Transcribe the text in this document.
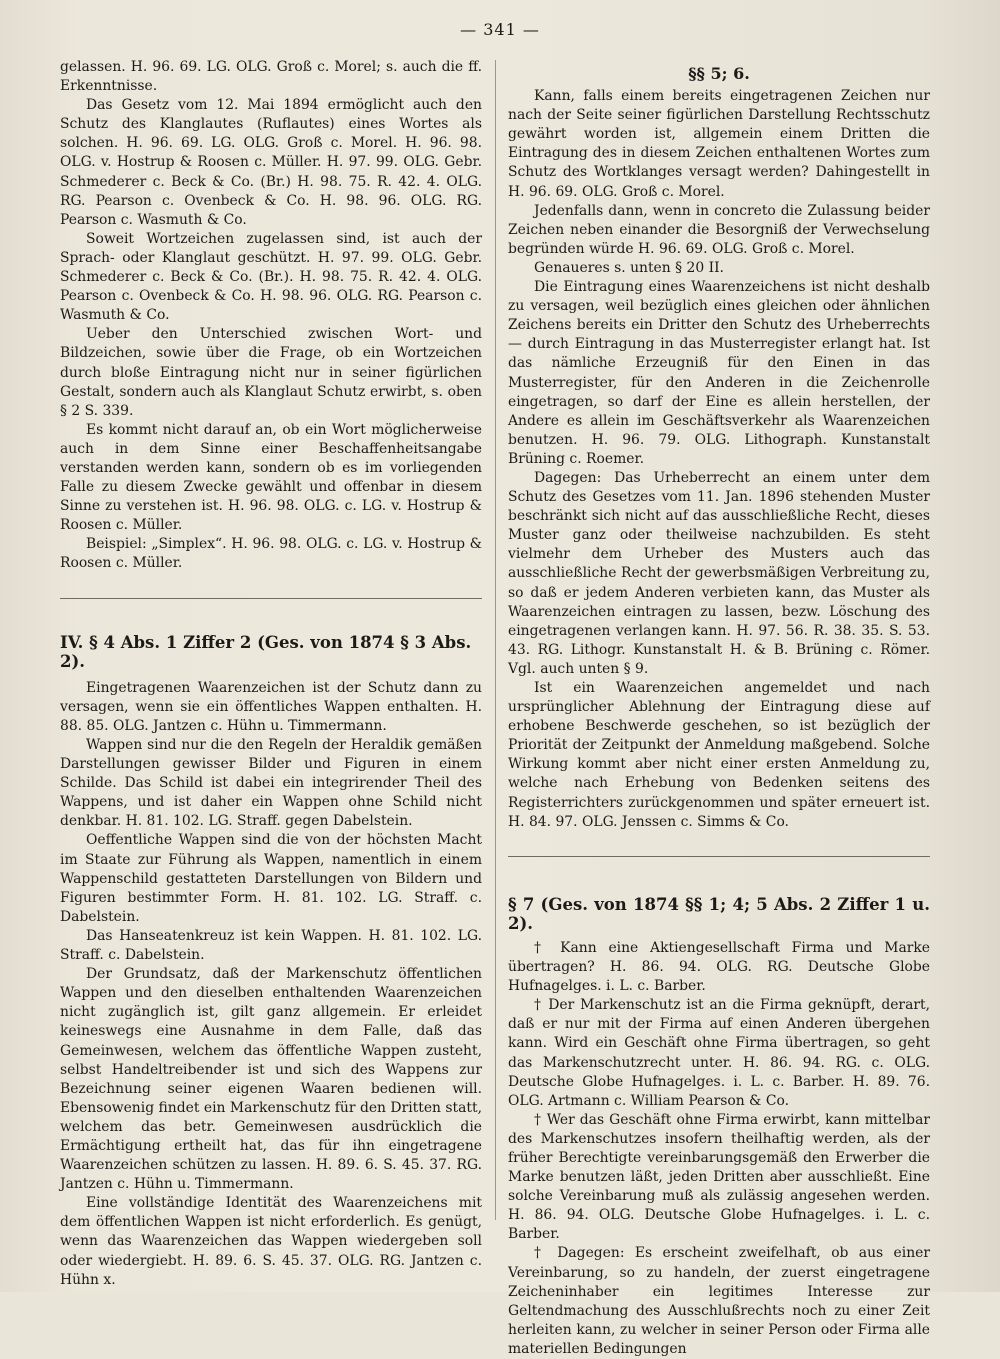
— 341 —

gelassen. H. 96. 69. LG. OLG. Groß c. Morel; s. auch die ff. Erkenntnisse.

Das Gesetz vom 12. Mai 1894 ermöglicht auch den Schutz des Klanglautes (Ruflautes) eines Wortes als solchen. H. 96. 69. LG. OLG. Groß c. Morel. H. 96. 98. OLG. v. Hostrup & Roosen c. Müller. H. 97. 99. OLG. Gebr. Schmederer c. Beck & Co. (Br.) H. 98. 75. R. 42. 4. OLG. RG. Pearson c. Ovenbeck & Co. H. 98. 96. OLG. RG. Pearson c. Wasmuth & Co.

Soweit Wortzeichen zugelassen sind, ist auch der Sprach- oder Klanglaut geschützt. H. 97. 99. OLG. Gebr. Schmederer c. Beck & Co. (Br.). H. 98. 75. R. 42. 4. OLG. Pearson c. Ovenbeck & Co. H. 98. 96. OLG. RG. Pearson c. Wasmuth & Co.

Ueber den Unterschied zwischen Wort- und Bildzeichen, sowie über die Frage, ob ein Wortzeichen durch bloße Eintragung nicht nur in seiner figürlichen Gestalt, sondern auch als Klanglaut Schutz erwirbt, s. oben § 2 S. 339.

Es kommt nicht darauf an, ob ein Wort möglicherweise auch in dem Sinne einer Beschaffenheitsangabe verstanden werden kann, sondern ob es im vorliegenden Falle zu diesem Zwecke gewählt und offenbar in diesem Sinne zu verstehen ist. H. 96. 98. OLG. c. LG. v. Hostrup & Roosen c. Müller.

Beispiel: „Simplex“. H. 96. 98. OLG. c. LG. v. Hostrup & Roosen c. Müller.

IV. § 4 Abs. 1 Ziffer 2 (Ges. von 1874 § 3 Abs. 2).

Eingetragenen Waarenzeichen ist der Schutz dann zu versagen, wenn sie ein öffentliches Wappen enthalten. H. 88. 85. OLG. Jantzen c. Hühn u. Timmermann.

Wappen sind nur die den Regeln der Heraldik gemäßen Darstellungen gewisser Bilder und Figuren in einem Schilde. Das Schild ist dabei ein integrirender Theil des Wappens, und ist daher ein Wappen ohne Schild nicht denkbar. H. 81. 102. LG. Straff. gegen Dabelstein.

Oeffentliche Wappen sind die von der höchsten Macht im Staate zur Führung als Wappen, namentlich in einem Wappenschild gestatteten Darstellungen von Bildern und Figuren bestimmter Form. H. 81. 102. LG. Straff. c. Dabelstein.

Das Hanseatenkreuz ist kein Wappen. H. 81. 102. LG. Straff. c. Dabelstein.

Der Grundsatz, daß der Markenschutz öffentlichen Wappen und den dieselben enthaltenden Waarenzeichen nicht zugänglich ist, gilt ganz allgemein. Er erleidet keineswegs eine Ausnahme in dem Falle, daß das Gemeinwesen, welchem das öffentliche Wappen zusteht, selbst Handeltreibender ist und sich des Wappens zur Bezeichnung seiner eigenen Waaren bedienen will. Ebensowenig findet ein Markenschutz für den Dritten statt, welchem das betr. Gemeinwesen ausdrücklich die Ermächtigung ertheilt hat, das für ihn eingetragene Waarenzeichen schützen zu lassen. H. 89. 6. S. 45. 37. RG. Jantzen c. Hühn u. Timmermann.

Eine vollständige Identität des Waarenzeichens mit dem öffentlichen Wappen ist nicht erforderlich. Es genügt, wenn das Waarenzeichen das Wappen wiedergeben soll oder wiedergiebt. H. 89. 6. S. 45. 37. OLG. RG. Jantzen c. Hühn x.

§§ 5; 6.

Kann, falls einem bereits eingetragenen Zeichen nur nach der Seite seiner figürlichen Darstellung Rechtsschutz gewährt worden ist, allgemein einem Dritten die Eintragung des in diesem Zeichen enthaltenen Wortes zum Schutz des Wortklanges versagt werden? Dahingestellt in H. 96. 69. OLG. Groß c. Morel.

Jedenfalls dann, wenn in concreto die Zulassung beider Zeichen neben einander die Besorgniß der Verwechselung begründen würde H. 96. 69. OLG. Groß c. Morel.

Genaueres s. unten § 20 II.

Die Eintragung eines Waarenzeichens ist nicht deshalb zu versagen, weil bezüglich eines gleichen oder ähnlichen Zeichens bereits ein Dritter den Schutz des Urheberrechts — durch Eintragung in das Musterregister erlangt hat. Ist das nämliche Erzeugniß für den Einen in das Musterregister, für den Anderen in die Zeichenrolle eingetragen, so darf der Eine es allein herstellen, der Andere es allein im Geschäftsverkehr als Waarenzeichen benutzen. H. 96. 79. OLG. Lithograph. Kunstanstalt Brüning c. Roemer.

Dagegen: Das Urheberrecht an einem unter dem Schutz des Gesetzes vom 11. Jan. 1896 stehenden Muster beschränkt sich nicht auf das ausschließliche Recht, dieses Muster ganz oder theilweise nachzubilden. Es steht vielmehr dem Urheber des Musters auch das ausschließliche Recht der gewerbsmäßigen Verbreitung zu, so daß er jedem Anderen verbieten kann, das Muster als Waarenzeichen eintragen zu lassen, bezw. Löschung des eingetragenen verlangen kann. H. 97. 56. R. 38. 35. S. 53. 43. RG. Lithogr. Kunstanstalt H. & B. Brüning c. Römer. Vgl. auch unten § 9.

Ist ein Waarenzeichen angemeldet und nach ursprünglicher Ablehnung der Eintragung diese auf erhobene Beschwerde geschehen, so ist bezüglich der Priorität der Zeitpunkt der Anmeldung maßgebend. Solche Wirkung kommt aber nicht einer ersten Anmeldung zu, welche nach Erhebung von Bedenken seitens des Registerrichters zurückgenommen und später erneuert ist. H. 84. 97. OLG. Jenssen c. Simms & Co.

§ 7 (Ges. von 1874 §§ 1; 4; 5 Abs. 2 Ziffer 1 u. 2).

† Kann eine Aktiengesellschaft Firma und Marke übertragen? H. 86. 94. OLG. RG. Deutsche Globe Hufnagelges. i. L. c. Barber.

† Der Markenschutz ist an die Firma geknüpft, derart, daß er nur mit der Firma auf einen Anderen übergehen kann. Wird ein Geschäft ohne Firma übertragen, so geht das Markenschutzrecht unter. H. 86. 94. RG. c. OLG. Deutsche Globe Hufnagelges. i. L. c. Barber. H. 89. 76. OLG. Artmann c. William Pearson & Co.

† Wer das Geschäft ohne Firma erwirbt, kann mittelbar des Markenschutzes insofern theilhaftig werden, als der früher Berechtigte vereinbarungsgemäß den Erwerber die Marke benutzen läßt, jeden Dritten aber ausschließt. Eine solche Vereinbarung muß als zulässig angesehen werden. H. 86. 94. OLG. Deutsche Globe Hufnagelges. i. L. c. Barber.

† Dagegen: Es erscheint zweifelhaft, ob aus einer Vereinbarung, so zu handeln, der zuerst eingetragene Zeicheninhaber ein legitimes Interesse zur Geltendmachung des Ausschlußrechts noch zu einer Zeit herleiten kann, zu welcher in seiner Person oder Firma alle materiellen Bedingungen
